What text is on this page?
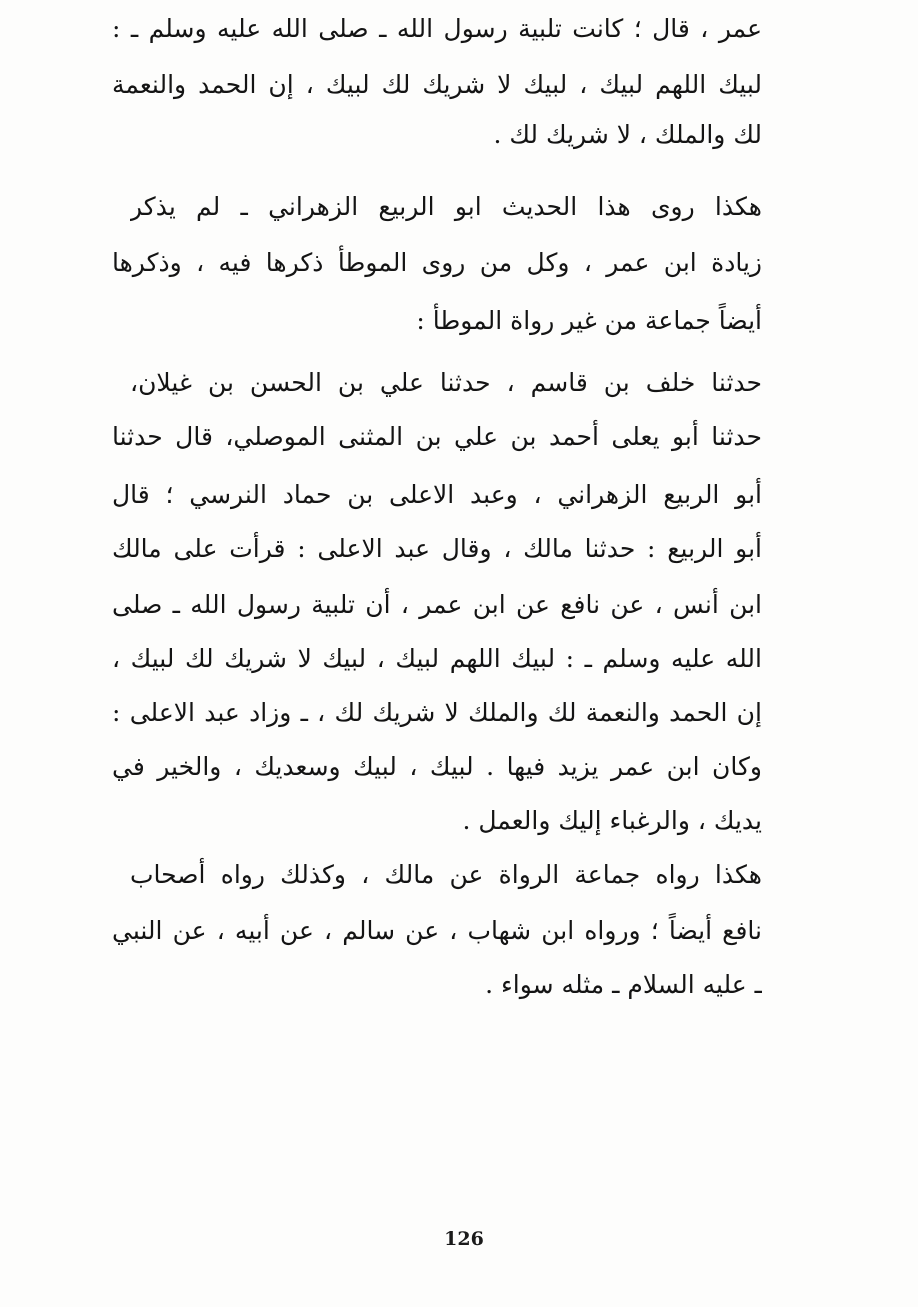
عمر ، قال ؛ كانت تلبية رسول الله ـ صلى الله عليه وسلم ـ :
لبيك اللهم لبيك ، لبيك لا شريك لك لبيك ، إن الحمد والنعمة
لك والملك ، لا شريك لك .
هكذا روى هذا الحديث ابو الربيع الزهراني ـ لم يذكر
زيادة ابن عمر ، وكل من روى الموطأ ذكرها فيه ، وذكرها
أيضاً جماعة من غير رواة الموطأ :
حدثنا خلف بن قاسم ، حدثنا علي بن الحسن بن غيلان،
حدثنا أبو يعلى أحمد بن علي بن المثنى الموصلي، قال حدثنا
أبو الربيع الزهراني ، وعبد الاعلى بن حماد النرسي ؛ قال
أبو الربيع : حدثنا مالك ، وقال عبد الاعلى : قرأت على مالك
ابن أنس ، عن نافع عن ابن عمر ، أن تلبية رسول الله ـ صلى
الله عليه وسلم ـ : لبيك اللهم لبيك ، لبيك لا شريك لك لبيك ،
إن الحمد والنعمة لك والملك لا شريك لك ، ـ وزاد عبد الاعلى :
وكان ابن عمر يزيد فيها . لبيك ، لبيك وسعديك ، والخير في
يديك ، والرغباء إليك والعمل .
هكذا رواه جماعة الرواة عن مالك ، وكذلك رواه أصحاب
نافع أيضاً ؛ ورواه ابن شهاب ، عن سالم ، عن أبيه ، عن النبي
ـ عليه السلام ـ مثله سواء .
126
